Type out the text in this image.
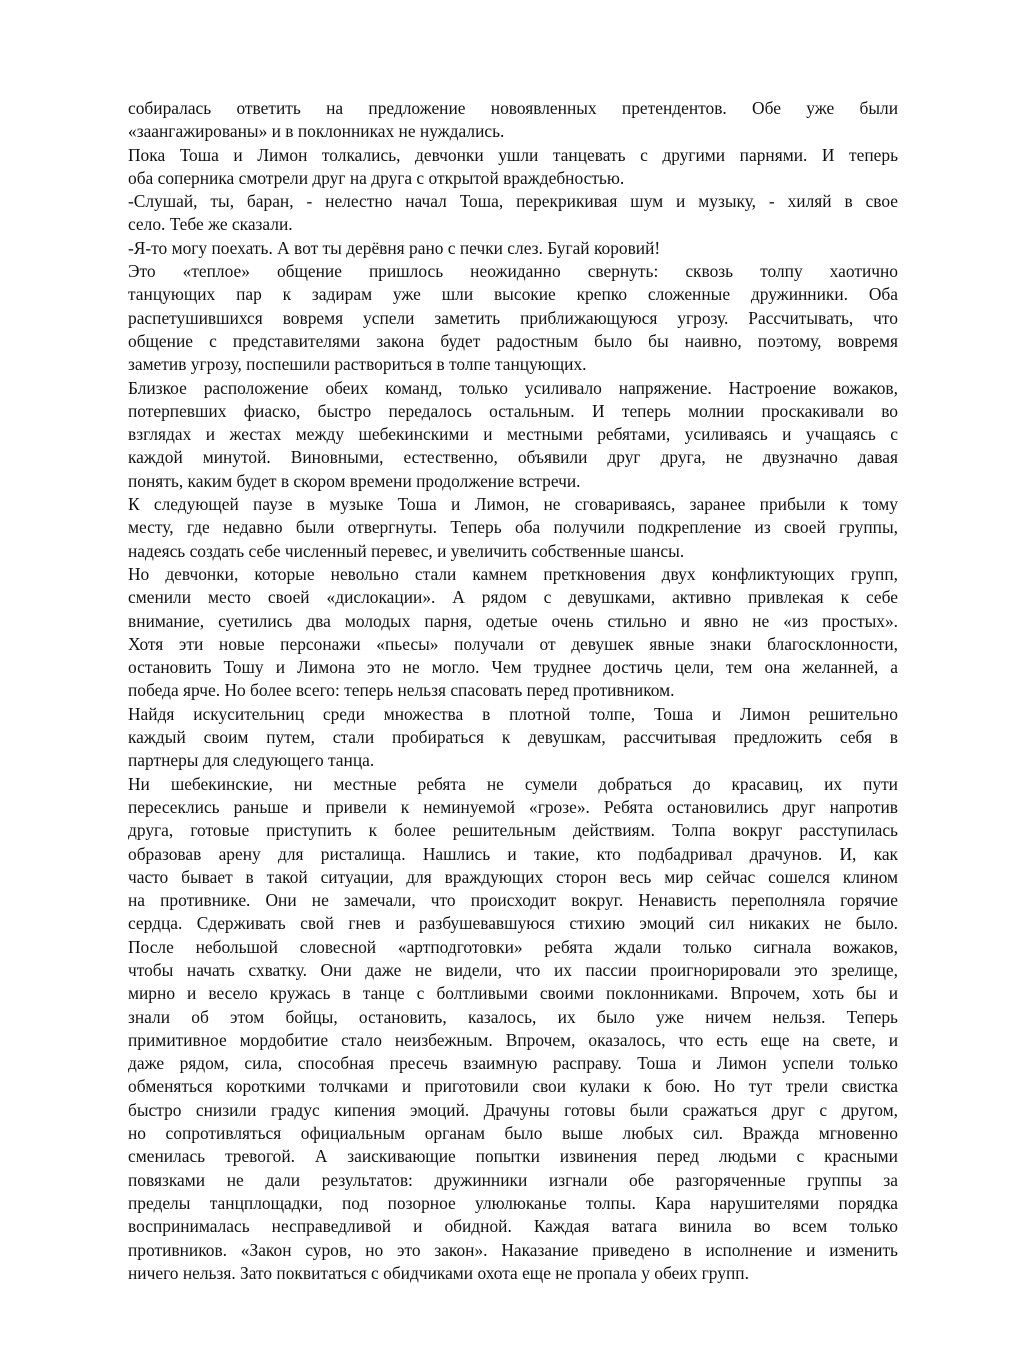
собиралась ответить на предложение новоявленных претендентов. Обе уже были
«заангажированы» и в поклонниках не нуждались.
Пока Тоша и Лимон толкались, девчонки ушли танцевать с другими парнями. И теперь
оба соперника смотрели друг на друга с открытой враждебностью.
-Слушай, ты, баран, - нелестно начал Тоша, перекрикивая шум и музыку, - хиляй в свое
село. Тебе же сказали.
-Я-то могу поехать. А вот ты дерёвня рано с печки слез. Бугай коровий!
Это «теплое» общение пришлось неожиданно свернуть: сквозь толпу хаотично
танцующих пар к задирам уже шли высокие крепко сложенные дружинники. Оба
распетушившихся вовремя успели заметить приближающуюся угрозу. Рассчитывать, что
общение с представителями закона будет радостным было бы наивно, поэтому, вовремя
заметив угрозу, поспешили раствориться в толпе танцующих.
Близкое расположение обеих команд, только усиливало напряжение. Настроение вожаков,
потерпевших фиаско, быстро передалось остальным. И теперь молнии проскакивали во
взглядах и жестах между шебекинскими и местными ребятами, усиливаясь и учащаясь с
каждой минутой. Виновными, естественно, объявили друг друга, не двузначно давая
понять, каким будет в скором времени продолжение встречи.
К следующей паузе в музыке Тоша и Лимон, не сговариваясь, заранее прибыли к тому
месту, где недавно были отвергнуты. Теперь оба получили подкрепление из своей группы,
надеясь создать себе численный перевес, и увеличить собственные шансы.
Но девчонки, которые невольно стали камнем преткновения двух конфликтующих групп,
сменили место своей «дислокации». А рядом с девушками, активно привлекая к себе
внимание, суетились два молодых парня, одетые очень стильно и явно не «из простых».
Хотя эти новые персонажи «пьесы» получали от девушек явные знаки благосклонности,
остановить Тошу и Лимона это не могло. Чем труднее достичь цели, тем она желанней, а
победа ярче. Но более всего: теперь нельзя спасовать перед противником.
Найдя искусительниц среди множества в плотной толпе, Тоша и Лимон решительно
каждый своим путем, стали пробираться к девушкам, рассчитывая предложить себя в
партнеры для следующего танца.
Ни шебекинские, ни местные ребята не сумели добраться до красавиц, их пути
пересеклись раньше и привели к неминуемой «грозе». Ребята остановились друг напротив
друга, готовые приступить к более решительным действиям. Толпа вокруг расступилась
образовав арену для ристалища. Нашлись и такие, кто подбадривал драчунов. И, как
часто бывает в такой ситуации, для враждующих сторон весь мир сейчас сошелся клином
на противнике. Они не замечали, что происходит вокруг. Ненависть переполняла горячие
сердца. Сдерживать свой гнев и разбушевавшуюся стихию эмоций сил никаких не было.
После небольшой словесной «артподготовки» ребята ждали только сигнала вожаков,
чтобы начать схватку. Они даже не видели, что их пассии проигнорировали это зрелище,
мирно и весело кружась в танце с болтливыми своими поклонниками. Впрочем, хоть бы и
знали об этом бойцы, остановить, казалось, их было уже ничем нельзя. Теперь
примитивное мордобитие стало неизбежным. Впрочем, оказалось, что есть еще на свете, и
даже рядом, сила, способная пресечь взаимную расправу. Тоша и Лимон успели только
обменяться короткими толчками и приготовили свои кулаки к бою. Но тут трели свистка
быстро снизили градус кипения эмоций. Драчуны готовы были сражаться друг с другом,
но сопротивляться официальным органам было выше любых сил. Вражда мгновенно
сменилась тревогой. А заискивающие попытки извинения перед людьми с красными
повязками не дали результатов: дружинники изгнали обе разгоряченные группы за
пределы танцплощадки, под позорное улюлюканье толпы. Кара нарушителями порядка
воспринималась несправедливой и обидной. Каждая ватага винила во всем только
противников. «Закон суров, но это закон». Наказание приведено в исполнение и изменить
ничего нельзя. Зато поквитаться с обидчиками охота еще не пропала у обеих групп.
